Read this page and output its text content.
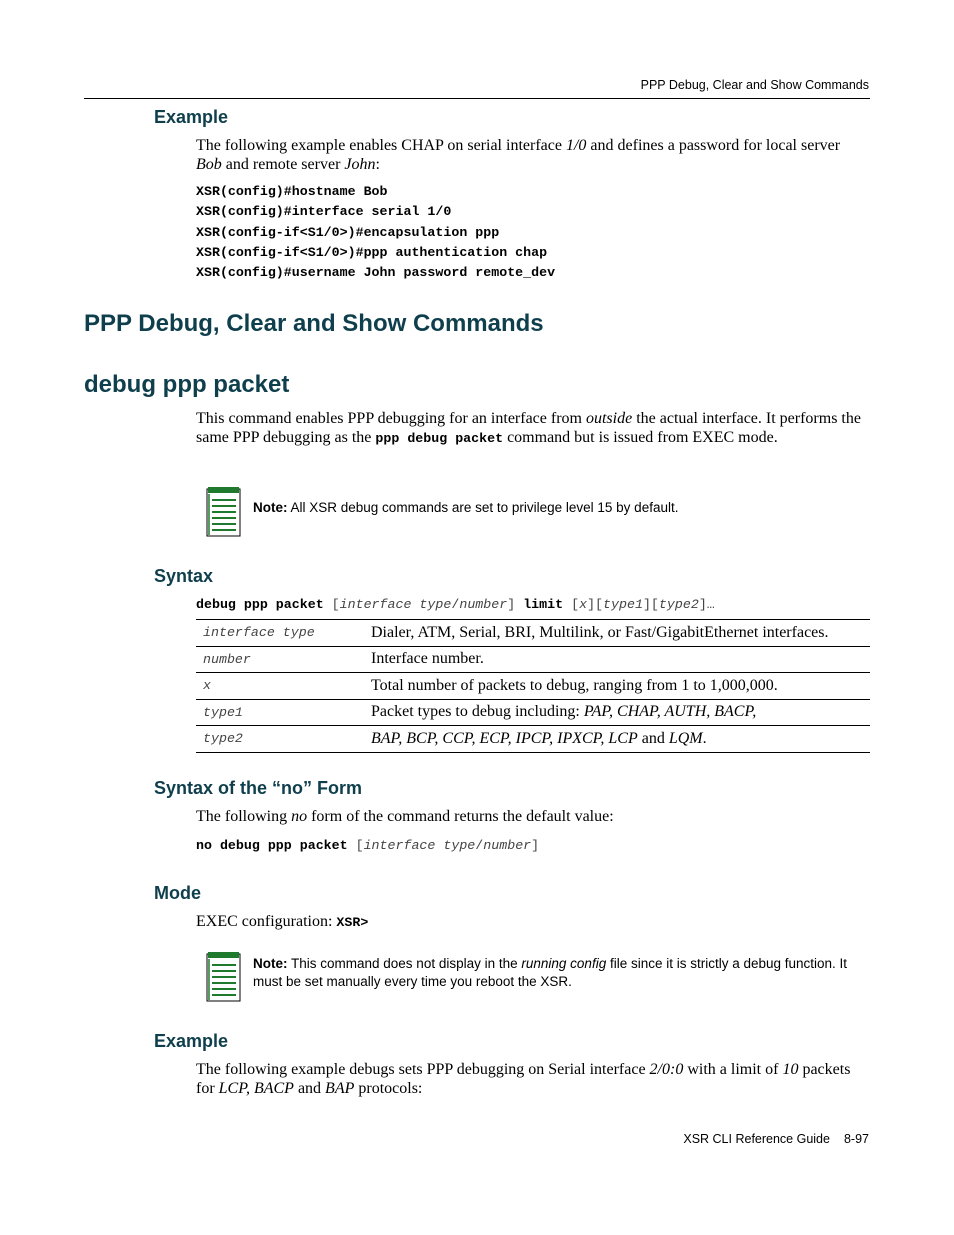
PPP Debug, Clear and Show Commands
Example
The following example enables CHAP on serial interface 1/0 and defines a password for local server Bob and remote server John:
XSR(config)#hostname Bob
XSR(config)#interface serial 1/0
XSR(config-if<S1/0>)#encapsulation ppp
XSR(config-if<S1/0>)#ppp authentication chap
XSR(config)#username John password remote_dev
PPP Debug, Clear and Show Commands
debug ppp packet
This command enables PPP debugging for an interface from outside the actual interface. It performs the same PPP debugging as the ppp debug packet command but is issued from EXEC mode.
Note: All XSR debug commands are set to privilege level 15 by default.
Syntax
debug ppp packet [interface type/number] limit [x][type1][type2]…
interface type	Dialer, ATM, Serial, BRI, Multilink, or Fast/GigabitEthernet interfaces.
number	Interface number.
x	Total number of packets to debug, ranging from 1 to 1,000,000.
type1	Packet types to debug including: PAP, CHAP, AUTH, BACP,
type2	BAP, BCP, CCP, ECP, IPCP, IPXCP, LCP and LQM.
Syntax of the “no” Form
The following no form of the command returns the default value:
no debug ppp packet [interface type/number]
Mode
EXEC configuration: XSR>
Note: This command does not display in the running config file since it is strictly a debug function. It must be set manually every time you reboot the XSR.
Example
The following example debugs sets PPP debugging on Serial interface 2/0:0 with a limit of 10 packets for LCP, BACP and BAP protocols:
XSR CLI Reference Guide 8-97
